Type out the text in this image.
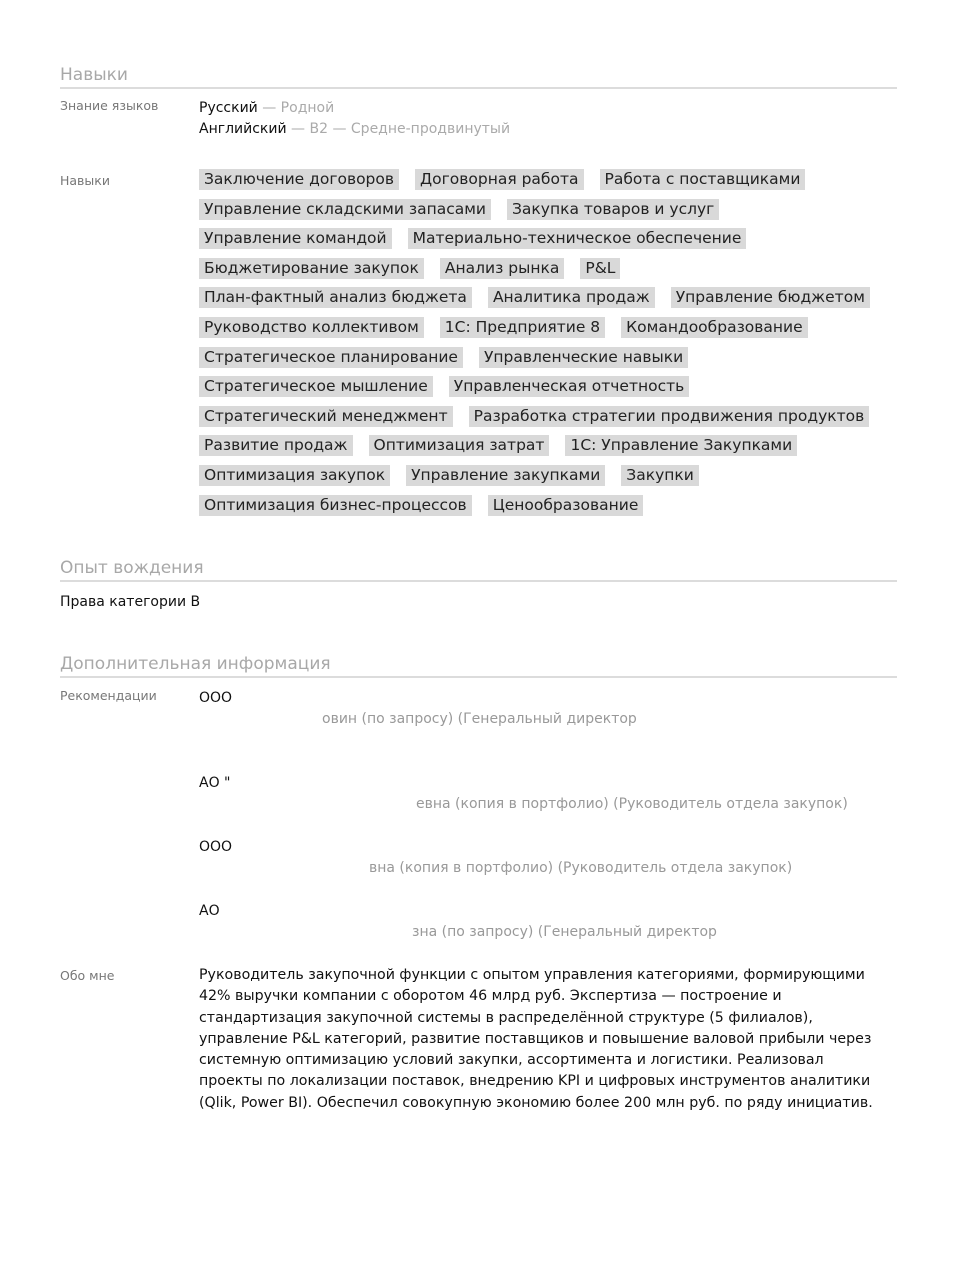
Навыки
Знание языков	Русский — Родной
Английский — B2 — Средне-продвинутый
Навыки	Заключение договоров Договорная работа Работа с поставщиками
Управление складскими запасами Закупка товаров и услуг
Управление командой Материально-техническое обеспечение
Бюджетирование закупок Анализ рынка P&L
План-фактный анализ бюджета Аналитика продаж Управление бюджетом
Руководство коллективом 1С: Предприятие 8 Командообразование
Стратегическое планирование Управленческие навыки
Стратегическое мышление Управленческая отчетность
Стратегический менеджмент Разработка стратегии продвижения продуктов
Развитие продаж Оптимизация затрат 1С: Управление Закупками
Оптимизация закупок Управление закупками Закупки
Оптимизация бизнес-процессов Ценообразование
Опыт вождения
Права категории B
Дополнительная информация
Рекомендации	ООО
овин (по запросу) (Генеральный директор
АО "
евна (копия в портфолио) (Руководитель отдела закупок)
ООО
вна (копия в портфолио) (Руководитель отдела закупок)
АО
зна (по запросу) (Генеральный директор
Обо мне	Руководитель закупочной функции с опытом управления категориями, формирующими 42% выручки компании с оборотом 46 млрд руб. Экспертиза — построение и стандартизация закупочной системы в распределённой структуре (5 филиалов), управление P&L категорий, развитие поставщиков и повышение валовой прибыли через системную оптимизацию условий закупки, ассортимента и логистики. Реализовал проекты по локализации поставок, внедрению KPI и цифровых инструментов аналитики (Qlik, Power BI). Обеспечил совокупную экономию более 200 млн руб. по ряду инициатив.
